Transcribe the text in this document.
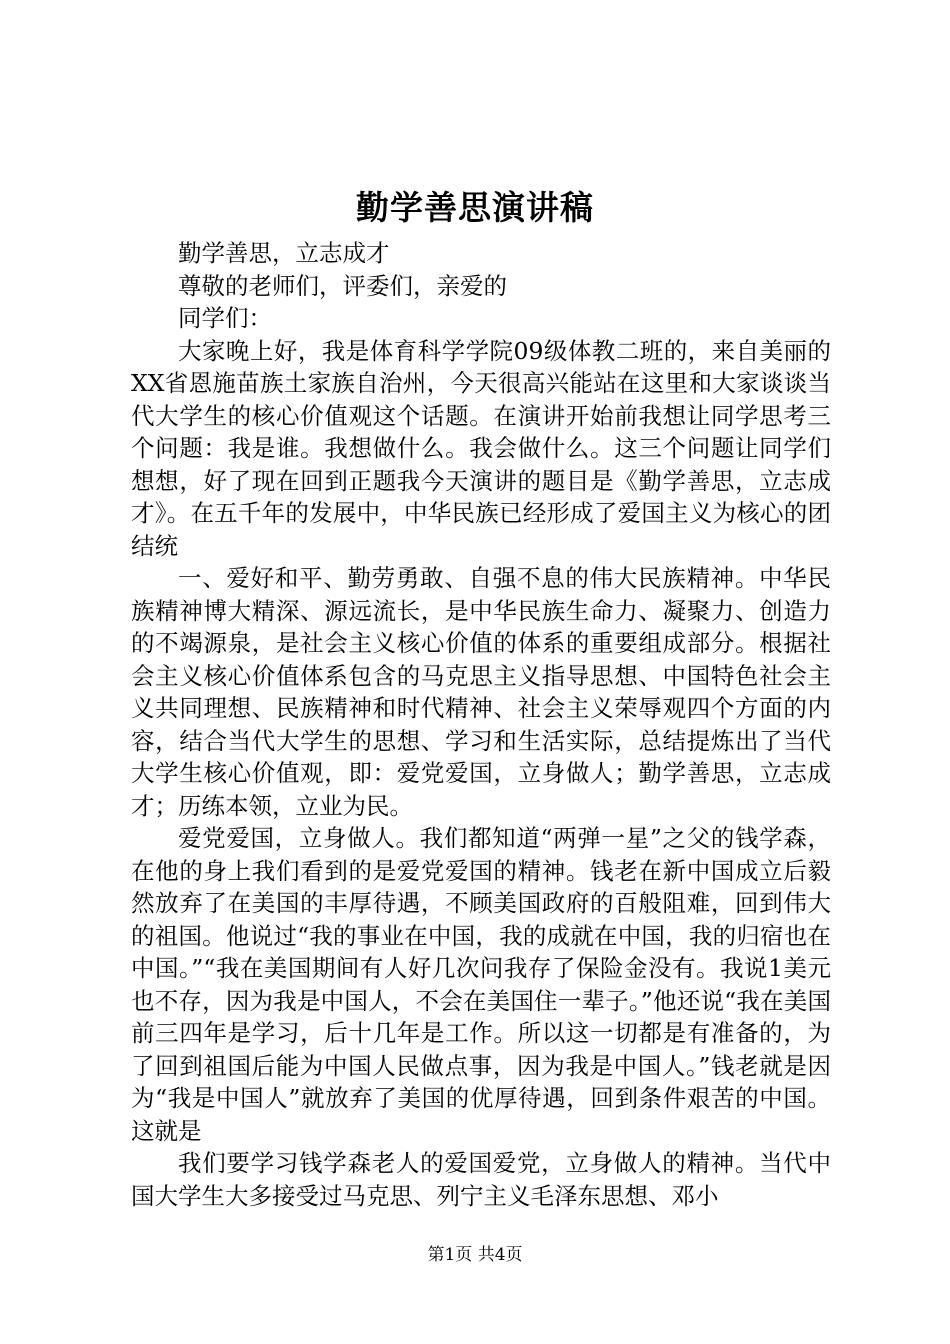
勤学善思演讲稿

勤学善思，立志成才

尊敬的老师们，评委们，亲爱的

同学们：

大家晚上好，我是体育科学学院09级体教二班的，来自美丽的XX省恩施苗族土家族自治州，今天很高兴能站在这里和大家谈谈当代大学生的核心价值观这个话题。在演讲开始前我想让同学思考三个问题：我是谁。我想做什么。我会做什么。这三个问题让同学们想想，好了现在回到正题我今天演讲的题目是《勤学善思，立志成才》。在五千年的发展中，中华民族已经形成了爱国主义为核心的团结统

一、爱好和平、勤劳勇敢、自强不息的伟大民族精神。中华民族精神博大精深、源远流长，是中华民族生命力、凝聚力、创造力的不竭源泉，是社会主义核心价值的体系的重要组成部分。根据社会主义核心价值体系包含的马克思主义指导思想、中国特色社会主义共同理想、民族精神和时代精神、社会主义荣辱观四个方面的内容，结合当代大学生的思想、学习和生活实际，总结提炼出了当代大学生核心价值观，即：爱党爱国，立身做人；勤学善思，立志成才；历练本领，立业为民。

爱党爱国，立身做人。我们都知道“两弹一星”之父的钱学森，在他的身上我们看到的是爱党爱国的精神。钱老在新中国成立后毅然放弃了在美国的丰厚待遇，不顾美国政府的百般阻难，回到伟大的祖国。他说过“我的事业在中国，我的成就在中国，我的归宿也在中国。”“我在美国期间有人好几次问我存了保险金没有。我说1美元也不存，因为我是中国人，不会在美国住一辈子。”他还说“我在美国前三四年是学习，后十几年是工作。所以这一切都是有准备的，为了回到祖国后能为中国人民做点事，因为我是中国人。”钱老就是因为“我是中国人”就放弃了美国的优厚待遇，回到条件艰苦的中国。这就是

我们要学习钱学森老人的爱国爱党，立身做人的精神。当代中国大学生大多接受过马克思、列宁主义毛泽东思想、邓小

第1页 共4页
